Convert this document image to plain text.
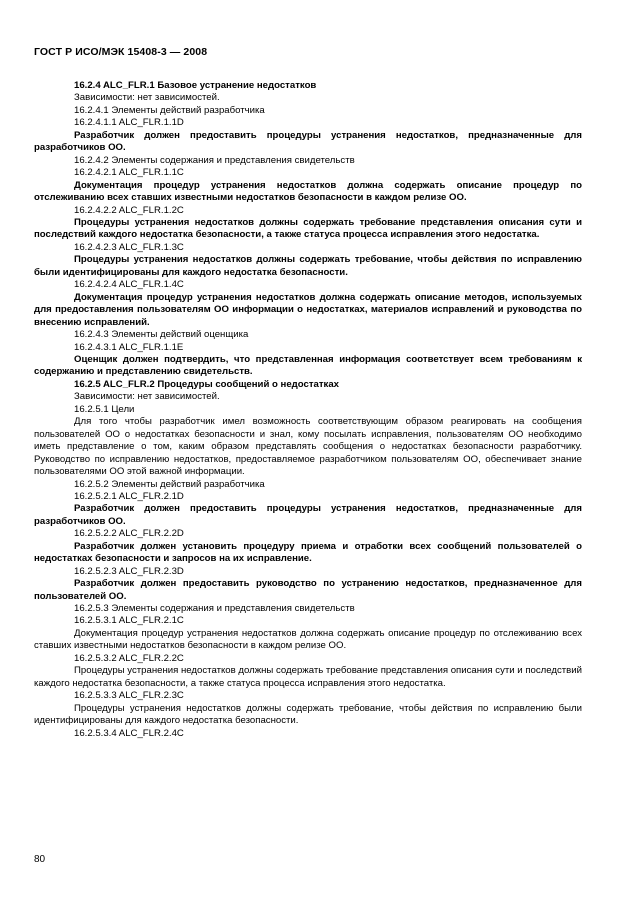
ГОСТ Р ИСО/МЭК 15408-3 — 2008

16.2.4 ALC_FLR.1 Базовое устранение недостатков

Зависимости: нет зависимостей.

16.2.4.1 Элементы действий разработчика

16.2.4.1.1 ALC_FLR.1.1D

Разработчик должен предоставить процедуры устранения недостатков, предназначенные для разработчиков ОО.

16.2.4.2 Элементы содержания и представления свидетельств

16.2.4.2.1 ALC_FLR.1.1C

Документация процедур устранения недостатков должна содержать описание процедур по отслеживанию всех ставших известными недостатков безопасности в каждом релизе ОО.

16.2.4.2.2 ALC_FLR.1.2C

Процедуры устранения недостатков должны содержать требование представления описания сути и последствий каждого недостатка безопасности, а также статуса процесса исправления этого недостатка.

16.2.4.2.3 ALC_FLR.1.3C

Процедуры устранения недостатков должны содержать требование, чтобы действия по исправлению были идентифицированы для каждого недостатка безопасности.

16.2.4.2.4 ALC_FLR.1.4C

Документация процедур устранения недостатков должна содержать описание методов, используемых для предоставления пользователям ОО информации о недостатках, материалов исправлений и руководства по внесению исправлений.

16.2.4.3 Элементы действий оценщика

16.2.4.3.1 ALC_FLR.1.1E

Оценщик должен подтвердить, что представленная информация соответствует всем требованиям к содержанию и представлению свидетельств.

16.2.5 ALC_FLR.2 Процедуры сообщений о недостатках

Зависимости: нет зависимостей.

16.2.5.1 Цели

Для того чтобы разработчик имел возможность соответствующим образом реагировать на сообщения пользователей ОО о недостатках безопасности и знал, кому посылать исправления, пользователям ОО необходимо иметь представление о том, каким образом представлять сообщения о недостатках безопасности разработчику. Руководство по исправлению недостатков, предоставляемое разработчиком пользователям ОО, обеспечивает знание пользователями ОО этой важной информации.

16.2.5.2 Элементы действий разработчика

16.2.5.2.1 ALC_FLR.2.1D

Разработчик должен предоставить процедуры устранения недостатков, предназначенные для разработчиков ОО.

16.2.5.2.2 ALC_FLR.2.2D

Разработчик должен установить процедуру приема и отработки всех сообщений пользователей о недостатках безопасности и запросов на их исправление.

16.2.5.2.3 ALC_FLR.2.3D

Разработчик должен предоставить руководство по устранению недостатков, предназначенное для пользователей ОО.

16.2.5.3 Элементы содержания и представления свидетельств

16.2.5.3.1 ALC_FLR.2.1C

Документация процедур устранения недостатков должна содержать описание процедур по отслеживанию всех ставших известными недостатков безопасности в каждом релизе ОО.

16.2.5.3.2 ALC_FLR.2.2C

Процедуры устранения недостатков должны содержать требование представления описания сути и последствий каждого недостатка безопасности, а также статуса процесса исправления этого недостатка.

16.2.5.3.3 ALC_FLR.2.3C

Процедуры устранения недостатков должны содержать требование, чтобы действия по исправлению были идентифицированы для каждого недостатка безопасности.

16.2.5.3.4 ALC_FLR.2.4C

80
